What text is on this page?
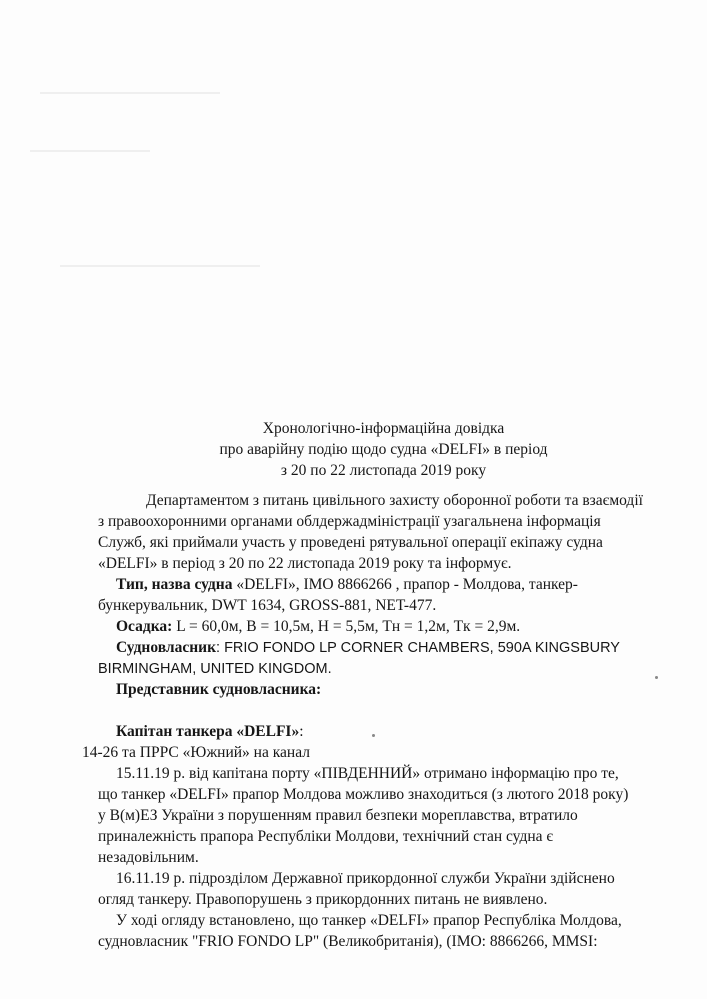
Хронологічно-інформаційна довідка
про аварійну подію щодо судна «DELFI» в період
з 20 по 22 листопада 2019 року
Департаментом з питань цивільного захисту оборонної роботи та взаємодії
з правоохоронними органами облдержадміністрації узагальнена інформація
Служб, які приймали участь у проведені рятувальної операції екіпажу судна
«DELFI» в період з 20 по 22 листопада 2019 року та інформує.
Тип, назва судна «DELFI», IMO 8866266 , прапор - Молдова, танкер-
бункерувальник, DWT 1634, GROSS-881, NET-477.
Осадка: L = 60,0м, B = 10,5м, H = 5,5м, Tн = 1,2м, Tк = 2,9м.
Судновласник: FRIO FONDO LP CORNER CHAMBERS, 590A KINGSBURY
BIRMINGHAM, UNITED KINGDOM.
Представник судновласника:
Капітан танкера «DELFI»:
14-26 та ПРРС «Южний» на канал
15.11.19 р. від капітана порту «ПІВДЕННИЙ» отримано інформацію про те,
що танкер «DELFI» прапор Молдова можливо знаходиться (з лютого 2018 року)
у В(м)ЕЗ України з порушенням правил безпеки мореплавства, втратило
приналежність прапора Республіки Молдови, технічний стан судна є
незадовільним.
16.11.19 р. підрозділом Державної прикордонної служби України здійснено
огляд танкеру. Правопорушень з прикордонних питань не виявлено.
У ході огляду встановлено, що танкер «DELFI» прапор Республіка Молдова,
судновласник "FRIO FONDO LP" (Великобританія), (IMO: 8866266, MMSI:
